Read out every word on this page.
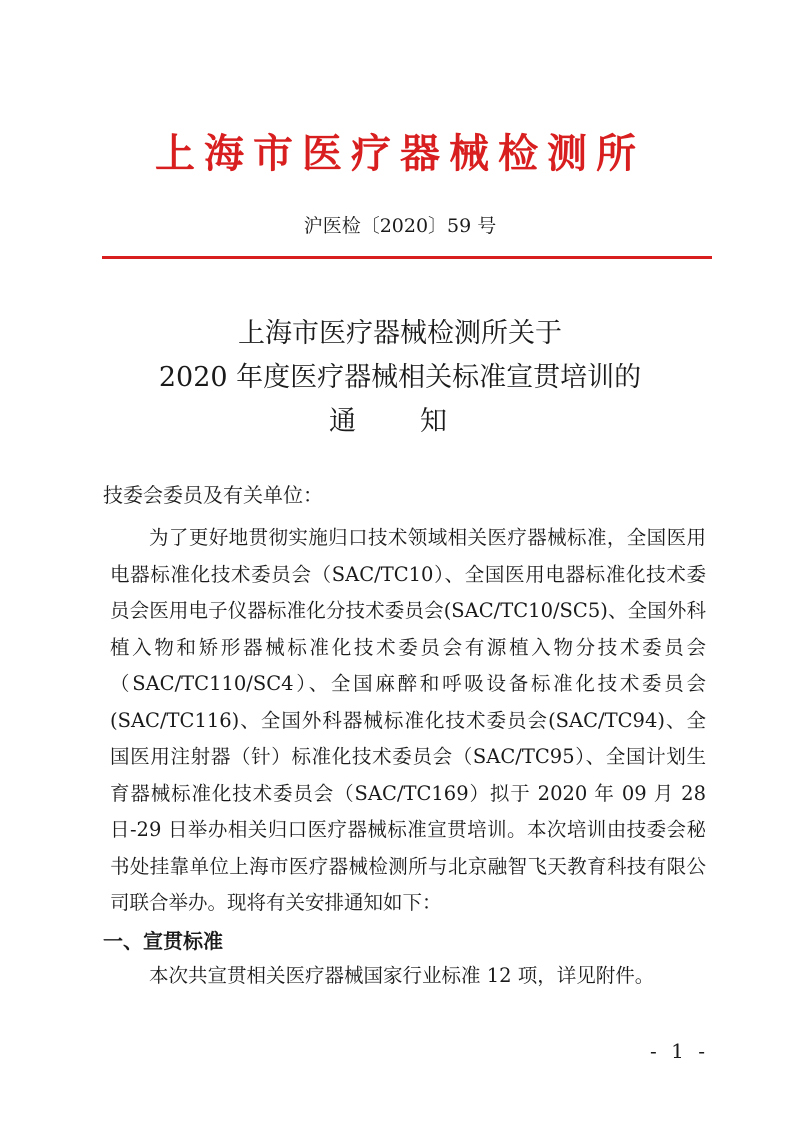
上海市医疗器械检测所
沪医检〔2020〕59 号
上海市医疗器械检测所关于
2020 年度医疗器械相关标准宣贯培训的
通知
技委会委员及有关单位：

为了更好地贯彻实施归口技术领域相关医疗器械标准，全国医用电器标准化技术委员会（SAC/TC10）、全国医用电器标准化技术委员会医用电子仪器标准化分技术委员会(SAC/TC10/SC5)、全国外科植入物和矫形器械标准化技术委员会有源植入物分技术委员会（SAC/TC110/SC4）、全国麻醉和呼吸设备标准化技术委员会(SAC/TC116)、全国外科器械标准化技术委员会(SAC/TC94)、全国医用注射器（针）标准化技术委员会（SAC/TC95）、全国计划生育器械标准化技术委员会（SAC/TC169）拟于 2020 年 09 月 28 日-29 日举办相关归口医疗器械标准宣贯培训。本次培训由技委会秘书处挂靠单位上海市医疗器械检测所与北京融智飞天教育科技有限公司联合举办。现将有关安排通知如下：

一、宣贯标准

本次共宣贯相关医疗器械国家行业标准 12 项，详见附件。

- 1 -
